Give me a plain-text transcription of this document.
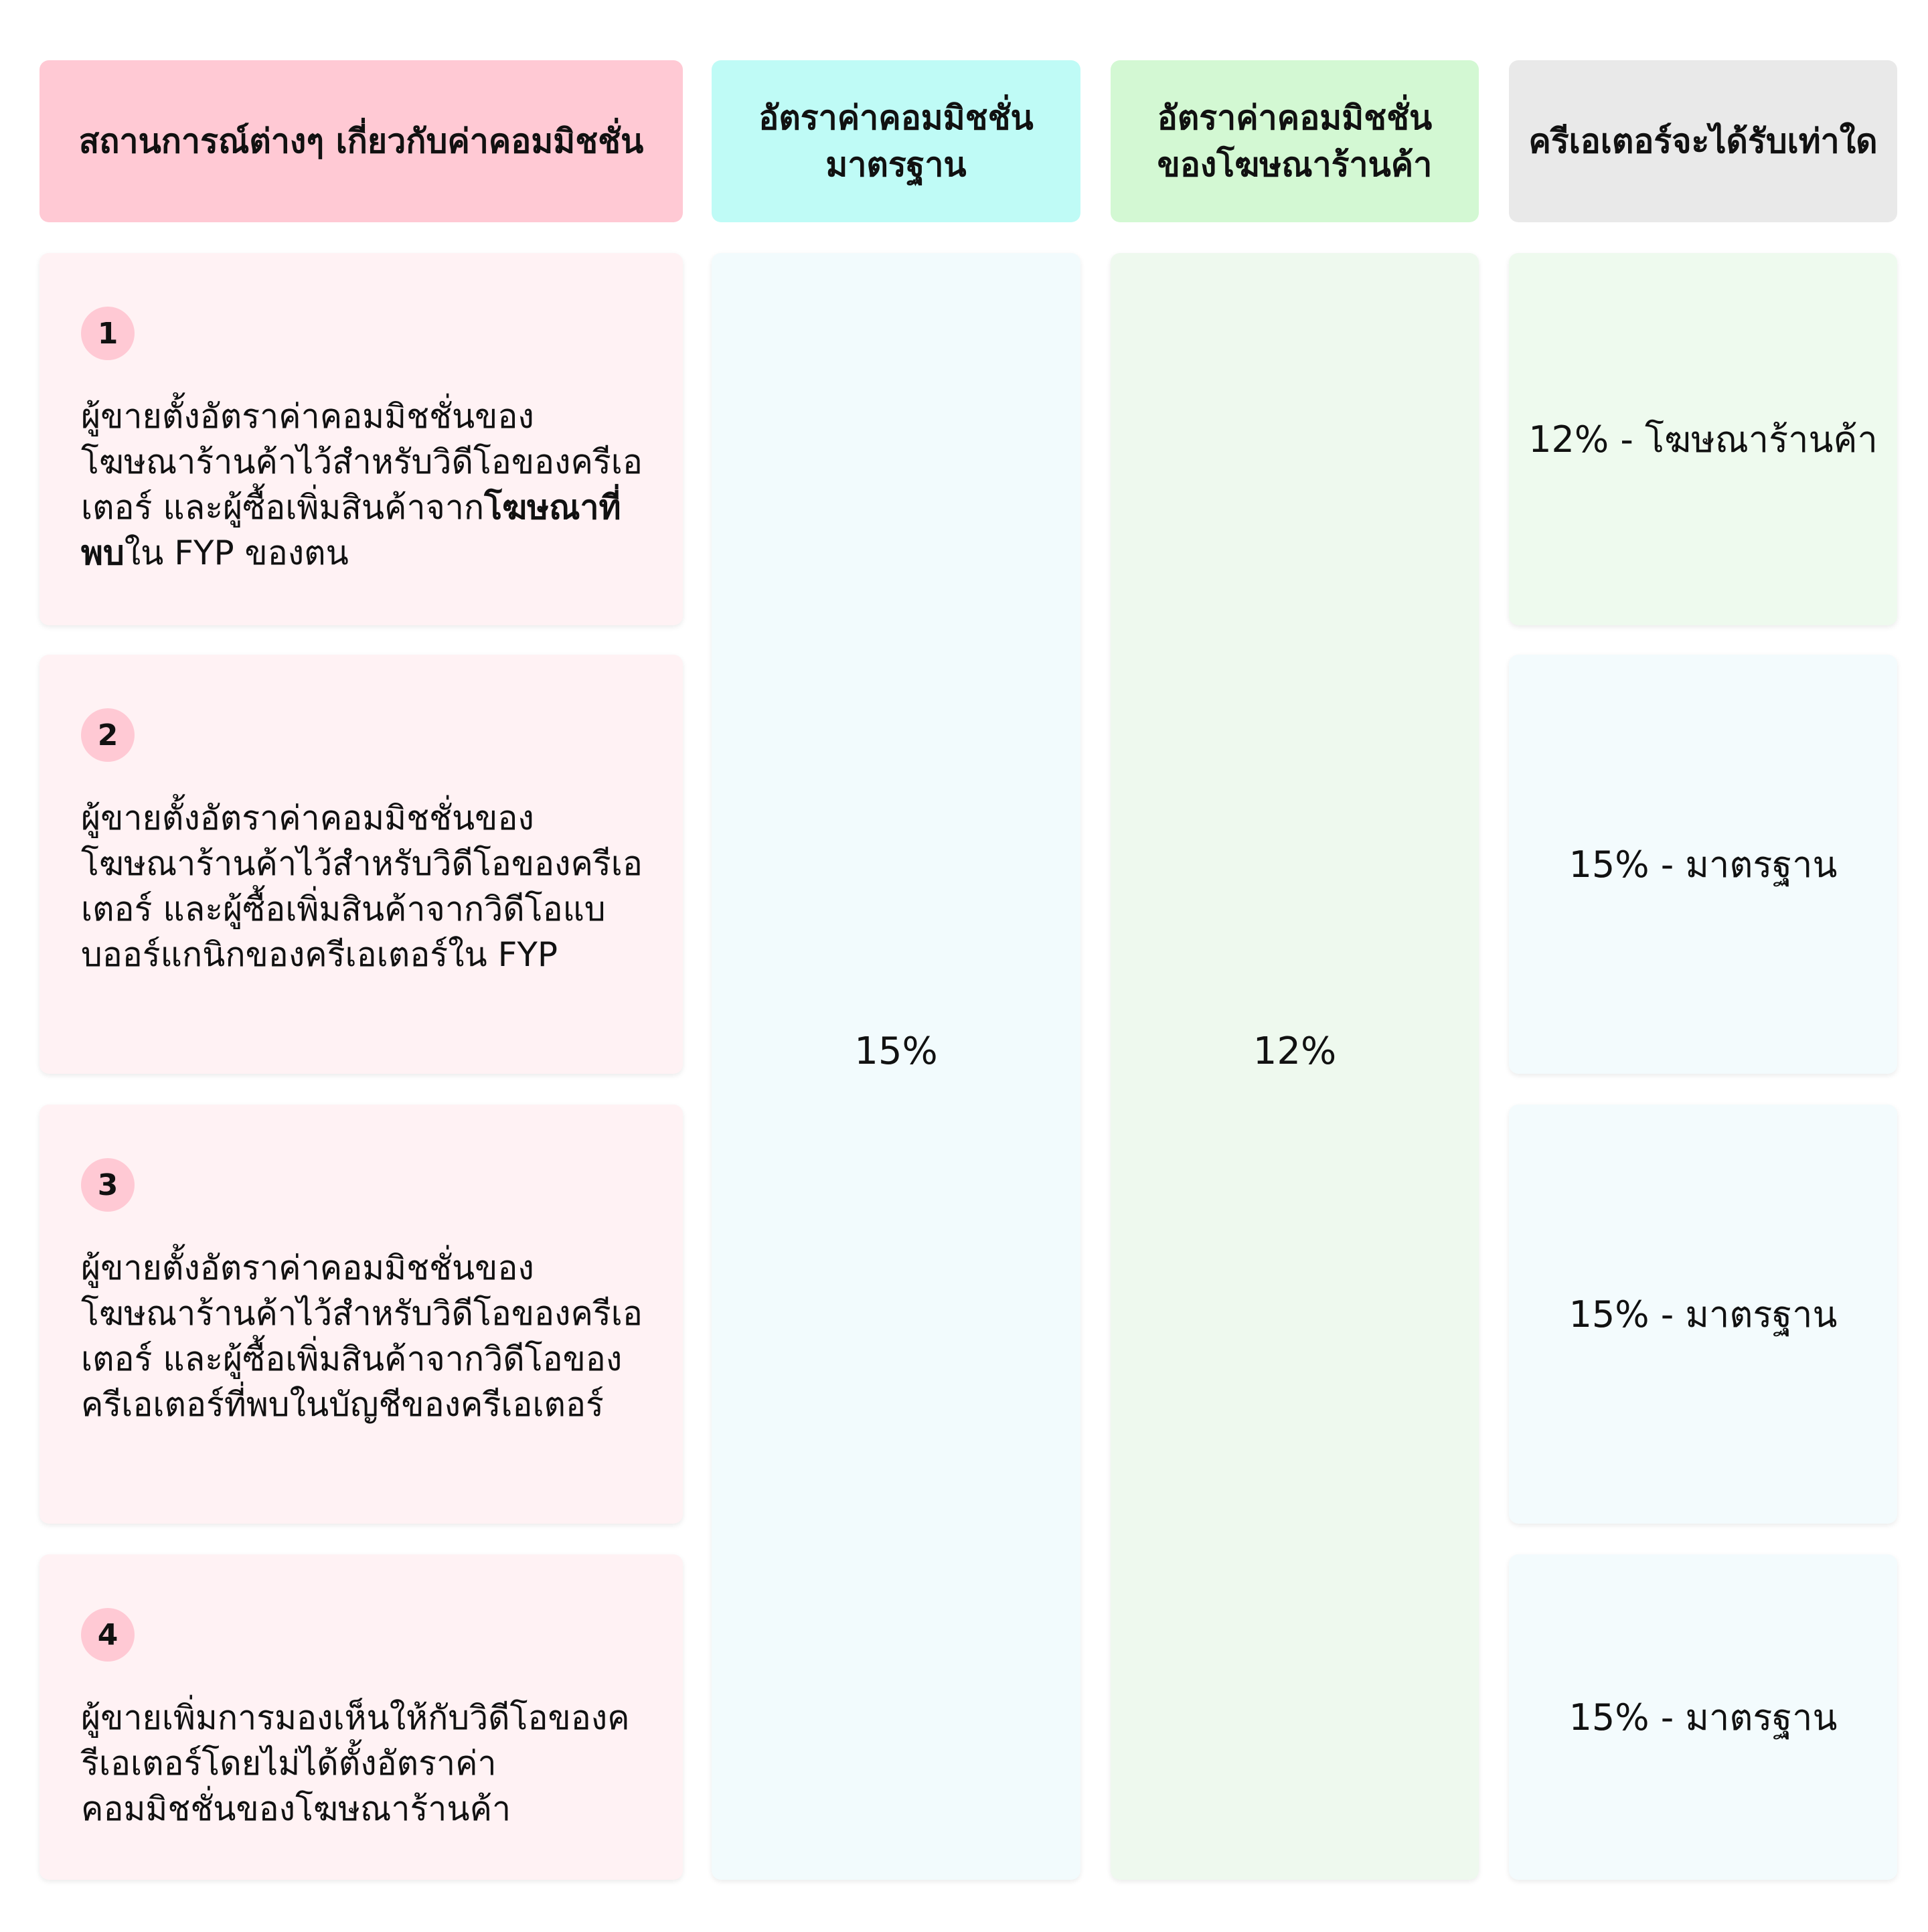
สถานการณ์ต่างๆ เกี่ยวกับค่าคอมมิชชั่น
อัตราค่าคอมมิชชั่น
มาตรฐาน
อัตราค่าคอมมิชชั่น
ของโฆษณาร้านค้า
ครีเอเตอร์จะได้รับเท่าใด
1
ผู้ขายตั้งอัตราค่าคอมมิชชั่นของโฆษณาร้านค้าไว้สำหรับวิดีโอของครีเอเตอร์ และผู้ซื้อเพิ่มสินค้าจากโฆษณาที่พบใน FYP ของตน
2
ผู้ขายตั้งอัตราค่าคอมมิชชั่นของโฆษณาร้านค้าไว้สำหรับวิดีโอของครีเอเตอร์ และผู้ซื้อเพิ่มสินค้าจากวิดีโอแบบออร์แกนิกของครีเอเตอร์ใน FYP
3
ผู้ขายตั้งอัตราค่าคอมมิชชั่นของโฆษณาร้านค้าไว้สำหรับวิดีโอของครีเอเตอร์ และผู้ซื้อเพิ่มสินค้าจากวิดีโอของครีเอเตอร์ที่พบในบัญชีของครีเอเตอร์
4
ผู้ขายเพิ่มการมองเห็นให้กับวิดีโอของครีเอเตอร์โดยไม่ได้ตั้งอัตราค่าคอมมิชชั่นของโฆษณาร้านค้า
15%	12%
12% - โฆษณาร้านค้า
15% - มาตรฐาน
15% - มาตรฐาน
15% - มาตรฐาน
